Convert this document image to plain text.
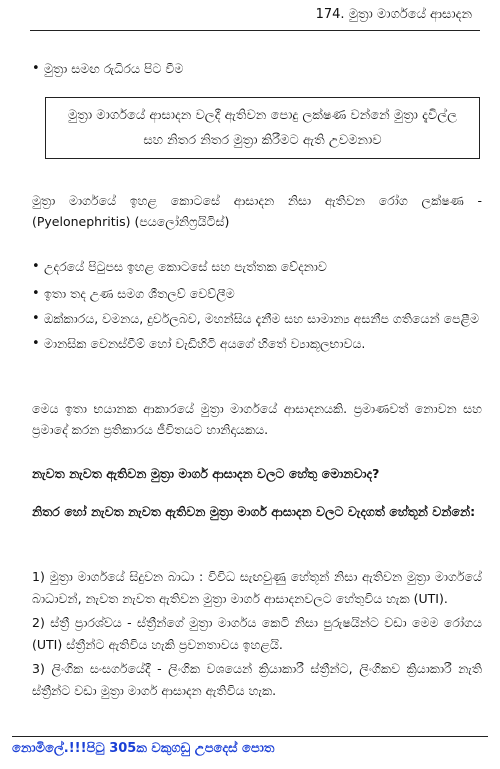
174. මුත්‍රා මාර්ගයේ ආසාදන
• මුත්‍රා සමඟ රුධිරය පිට වීම

මුත්‍රා මාර්ගයේ ආසාදන වලදී ඇතිවන පොදු ලක්ෂණ වන්නේ මුත්‍රා දැවිල්ල සහ නිතර නිතර මුත්‍රා කිරීමට ඇති උවමනාව

මුත්‍රා මාර්ගයේ ඉහළ කොටසේ ආසාදන නිසා ඇතිවන රෝග ලක්ෂණ - (Pyelonephritis) (පයලෝනිෆ්‍රයිටිස්)

• උදරයේ පිටුපස ඉහළ කොටසේ සහ පැත්තක වේදනාව
• ඉතා තද උණ සමග ශීතලව් වෙව්ලීම
• ඔක්කාරය, වමනය, දුර්වලබව, මහන්සිය දැනීම සහ සාමාන්‍ය අසනීප ගතියෙන් පෙළීම
• මානසික වෙනස්වීම් හෝ වැඩිහිටි අයගේ හිතේ ව්‍යාකූලභාවය.

මෙය ඉතා භයානක ආකාරයේ මුත්‍රා මාර්ගයේ ආසාදනයකි. ප්‍රමාණවත් නොවන සහ ප්‍රමාදේ කරන ප්‍රතිකාරය ජීවිතයට හානිදායකය.

නැවත නැවත ඇතිවන මුත්‍රා මාර්ග ආසාදන වලට හේතු මොනවාද?

නිතර හෝ නැවත නැවත ඇතිවන මුත්‍රා මාර්ග ආසාදන වලට වැදගත් හේතූන් වන්නේ:

1) මුත්‍රා මාර්ගයේ සිදුවන බාධා : විවිධ සැඟවුණු හේතූන් නිසා ඇතිවන මුත්‍රා මාර්ගයේ බාධාවන්, නැවත නැවත ඇතිවන මුත්‍රා මාර්ග ආසාදනවලට හේතුවිය හැක (UTI).

2) ස්ත්‍රී ප්‍රාරශ්වය - ස්ත්‍රීන්ගේ මුත්‍රා මාර්ගය කෙටි නිසා පුරුෂයින්ට වඩා මෙම රෝගය (UTI) ස්ත්‍රීන්ට ඇතිවිය හැකි ප්‍රවනතාවය ඉහළයි.

3) ලිංගික සංසර්ගයේදී - ලිංගික වශයෙන් ක්‍රියාකාරී ස්ත්‍රීන්ට, ලිංගිකව ක්‍රියාකාරී නැති ස්ත්‍රීන්ට වඩා මුත්‍රා මාර්ග ආසාදන ඇතිවිය හැක.

නොමිලේ.!!!පිටු 305ක වකුගඩු උපදෙස් පොත
